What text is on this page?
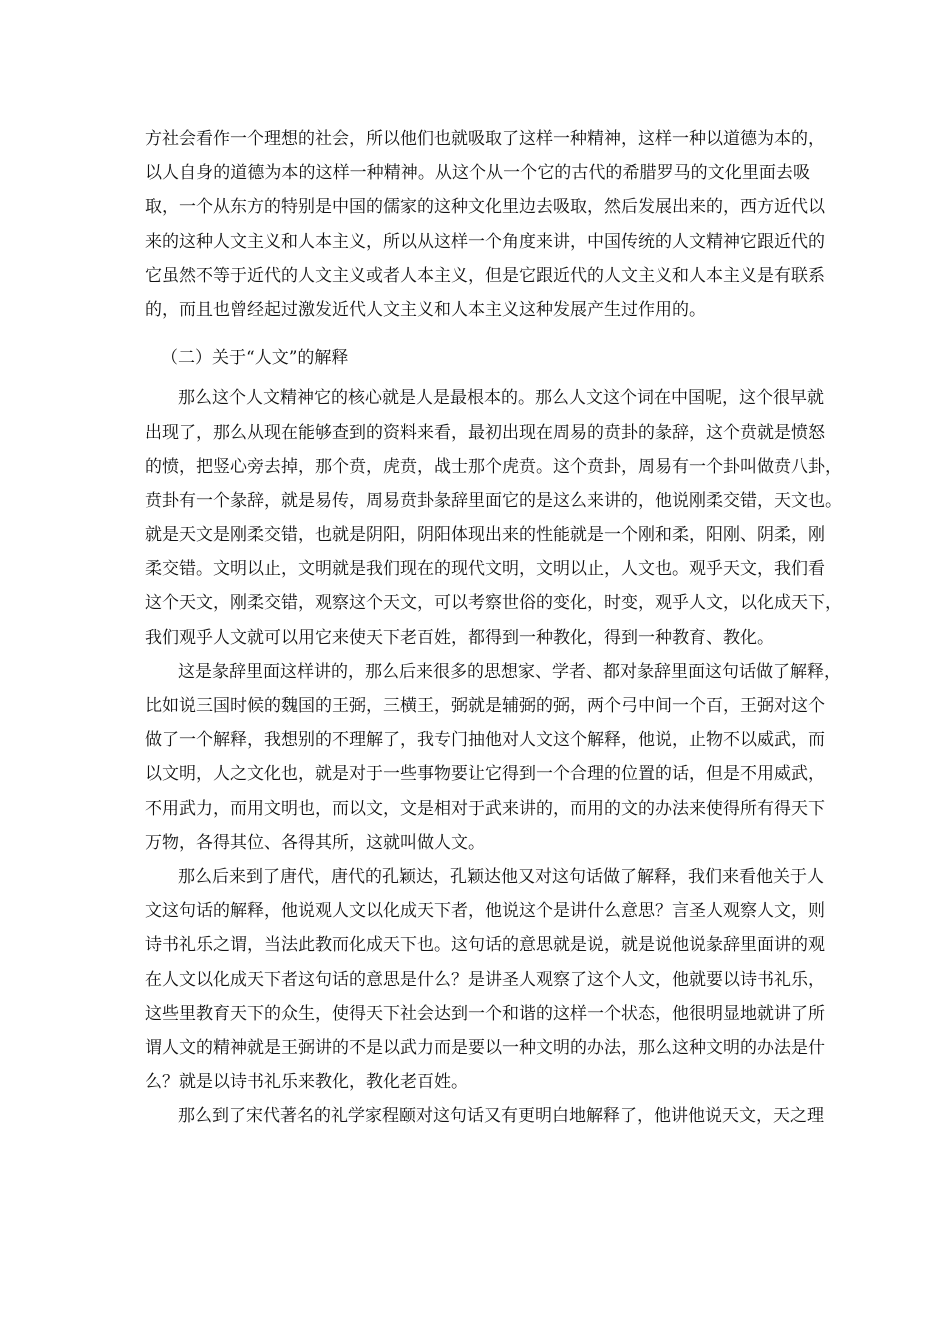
方社会看作一个理想的社会，所以他们也就吸取了这样一种精神，这样一种以道德为本的，
以人自身的道德为本的这样一种精神。从这个从一个它的古代的希腊罗马的文化里面去吸
取，一个从东方的特别是中国的儒家的这种文化里边去吸取，然后发展出来的，西方近代以
来的这种人文主义和人本主义，所以从这样一个角度来讲，中国传统的人文精神它跟近代的
它虽然不等于近代的人文主义或者人本主义，但是它跟近代的人文主义和人本主义是有联系
的，而且也曾经起过激发近代人文主义和人本主义这种发展产生过作用的。
（二）关于“人文”的解释
那么这个人文精神它的核心就是人是最根本的。那么人文这个词在中国呢，这个很早就
出现了，那么从现在能够查到的资料来看，最初出现在周易的贲卦的彖辞，这个贲就是愤怒
的愤，把竖心旁去掉，那个贲，虎贲，战士那个虎贲。这个贲卦，周易有一个卦叫做贲八卦，
贲卦有一个彖辞，就是易传，周易贲卦彖辞里面它的是这么来讲的，他说刚柔交错，天文也。
就是天文是刚柔交错，也就是阴阳，阴阳体现出来的性能就是一个刚和柔，阳刚、阴柔，刚
柔交错。文明以止，文明就是我们现在的现代文明，文明以止，人文也。观乎天文，我们看
这个天文，刚柔交错，观察这个天文，可以考察世俗的变化，时变，观乎人文，以化成天下，
我们观乎人文就可以用它来使天下老百姓，都得到一种教化，得到一种教育、教化。
这是彖辞里面这样讲的，那么后来很多的思想家、学者、都对彖辞里面这句话做了解释，
比如说三国时候的魏国的王弼，三横王，弼就是辅弼的弼，两个弓中间一个百，王弼对这个
做了一个解释，我想别的不理解了，我专门抽他对人文这个解释，他说，止物不以威武，而
以文明，人之文化也，就是对于一些事物要让它得到一个合理的位置的话，但是不用威武，
不用武力，而用文明也，而以文，文是相对于武来讲的，而用的文的办法来使得所有得天下
万物，各得其位、各得其所，这就叫做人文。
那么后来到了唐代，唐代的孔颖达，孔颖达他又对这句话做了解释，我们来看他关于人
文这句话的解释，他说观人文以化成天下者，他说这个是讲什么意思？言圣人观察人文，则
诗书礼乐之谓，当法此教而化成天下也。这句话的意思就是说，就是说他说彖辞里面讲的观
在人文以化成天下者这句话的意思是什么？是讲圣人观察了这个人文，他就要以诗书礼乐，
这些里教育天下的众生，使得天下社会达到一个和谐的这样一个状态，他很明显地就讲了所
谓人文的精神就是王弼讲的不是以武力而是要以一种文明的办法，那么这种文明的办法是什
么？就是以诗书礼乐来教化，教化老百姓。
那么到了宋代著名的礼学家程颐对这句话又有更明白地解释了，他讲他说天文，天之理
